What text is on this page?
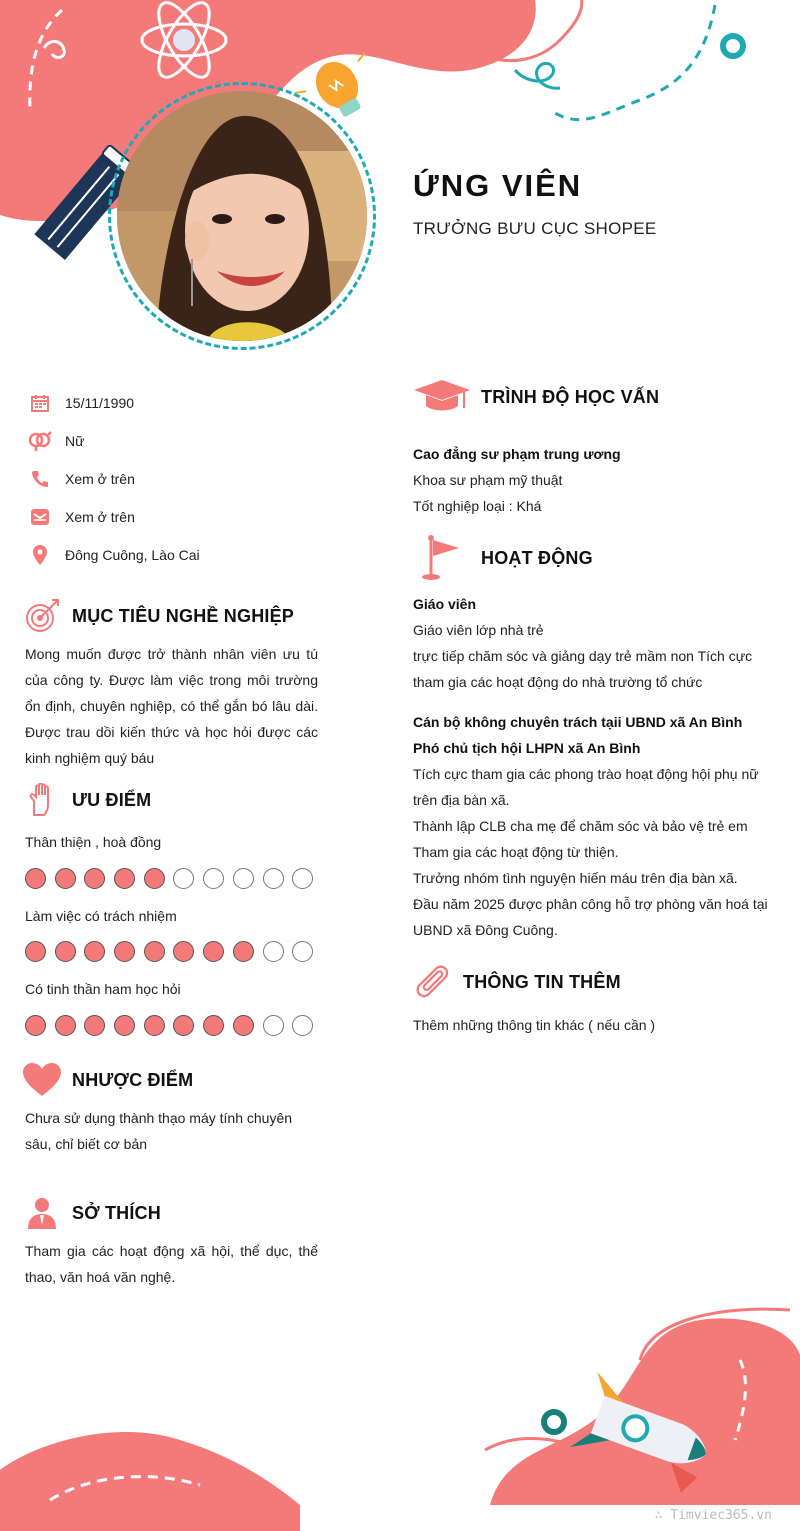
ỨNG VIÊN
TRƯỞNG BƯU CỤC SHOPEE
15/11/1990
Nữ
Xem ở trên
Xem ở trên
Đông Cuông, Lào Cai
MỤC TIÊU NGHỀ NGHIỆP
Mong muốn được trở thành nhân viên ưu tú của công ty. Được làm việc trong môi trường ổn định, chuyên nghiệp, có thể gắn bó lâu dài. Được trau dồi kiến thức và học hỏi được các kinh nghiệm quý báu
ƯU ĐIỂM
Thân thiện , hoà đồng
Làm việc có trách nhiệm
Có tinh thần ham học hỏi
NHƯỢC ĐIỂM
Chưa sử dụng thành thạo máy tính chuyên sâu, chỉ biết cơ bản
SỞ THÍCH
Tham gia các hoạt động xã hội, thể dục, thể thao, văn hoá văn nghệ.
TRÌNH ĐỘ HỌC VẤN
Cao đẳng sư phạm trung ương
Khoa sư phạm mỹ thuật
Tốt nghiệp loại : Khá
HOẠT ĐỘNG
Giáo viên
Giáo viên lớp nhà trẻ
trực tiếp chăm sóc và giảng dạy trẻ mầm non Tích cực tham gia các hoạt động do nhà trường tổ chức
Cán bộ không chuyên trách tạii UBND xã An Bình
Phó chủ tịch hội LHPN xã An Bình
Tích cực tham gia các phong trào hoạt động hội phụ nữ trên địa bàn xã.
Thành lập CLB cha mẹ để chăm sóc và bảo vệ trẻ em
Tham gia các hoạt động từ thiện.
Trưởng nhóm tình nguyện hiến máu trên địa bàn xã.
Đầu năm 2025 được phân công hỗ trợ phòng văn hoá tại UBND xã Đông Cuông.
THÔNG TIN THÊM
Thêm những thông tin khác ( nếu cần )
∴ Timviec365.vn
